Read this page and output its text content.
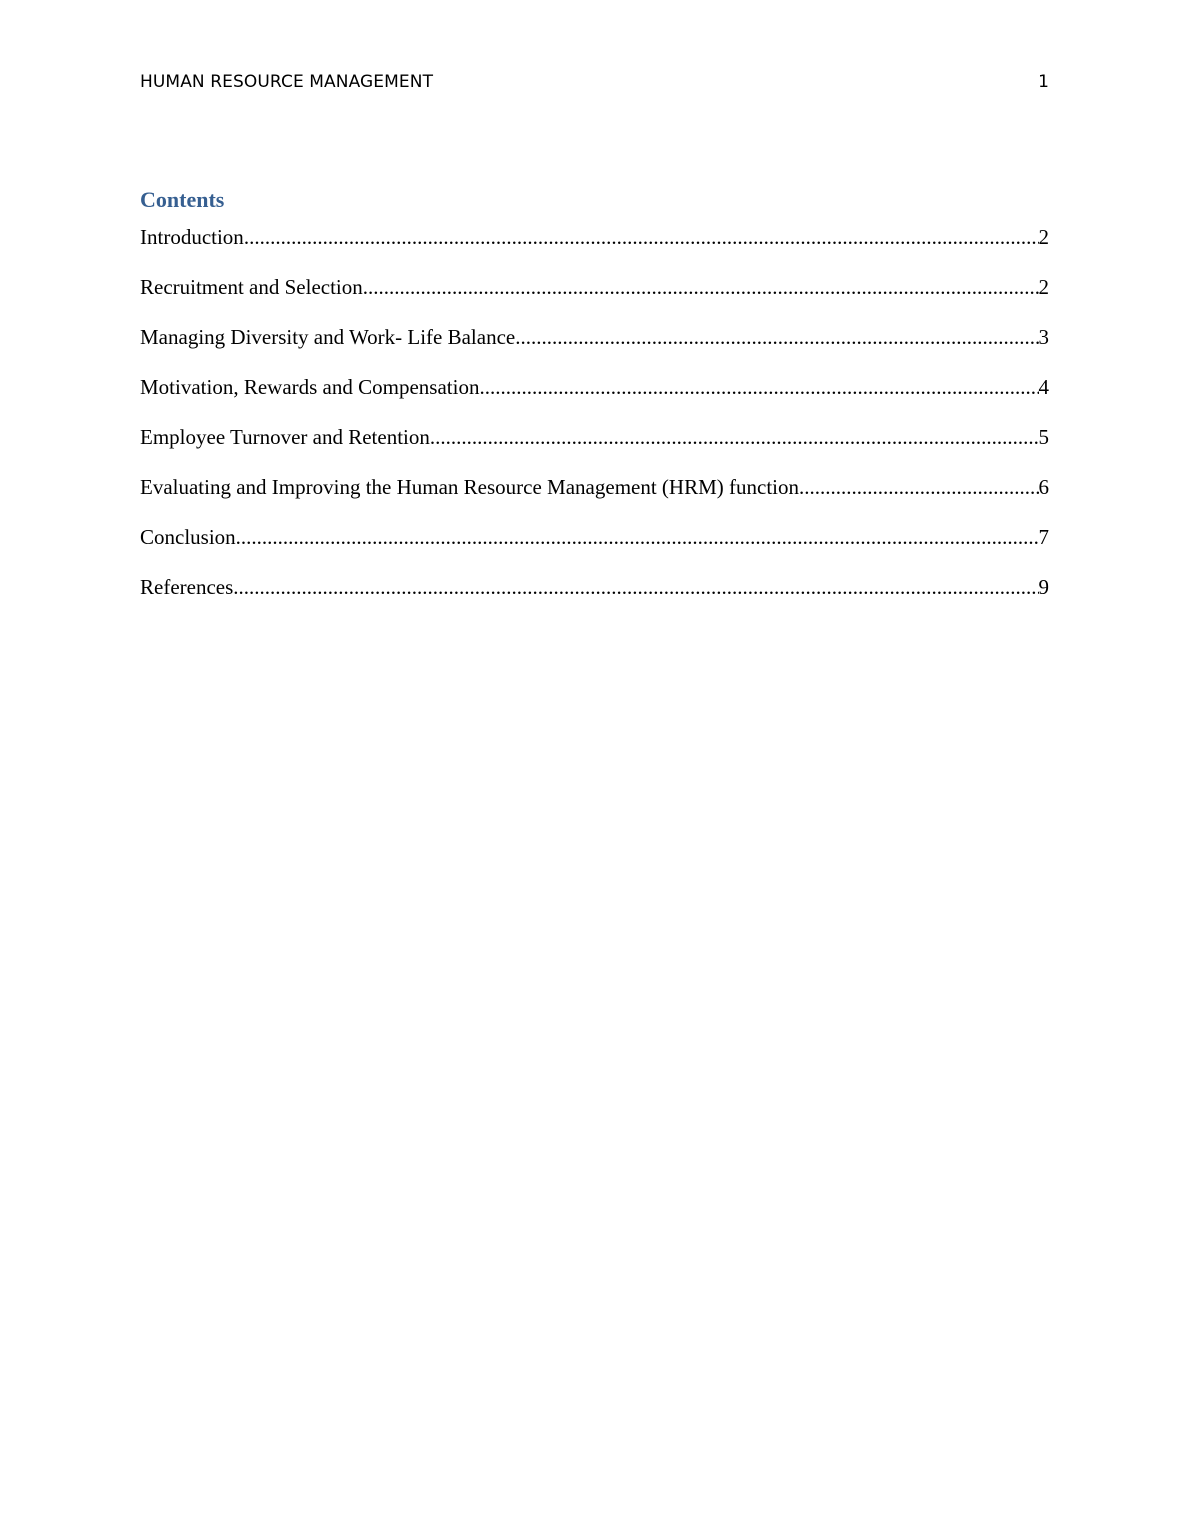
HUMAN RESOURCE MANAGEMENT	1
Contents
Introduction .....	2
Recruitment and Selection .....	2
Managing Diversity and Work- Life Balance .....	3
Motivation, Rewards and Compensation .....	4
Employee Turnover and Retention .....	5
Evaluating and Improving the Human Resource Management (HRM) function .....	6
Conclusion .....	7
References .....	9
